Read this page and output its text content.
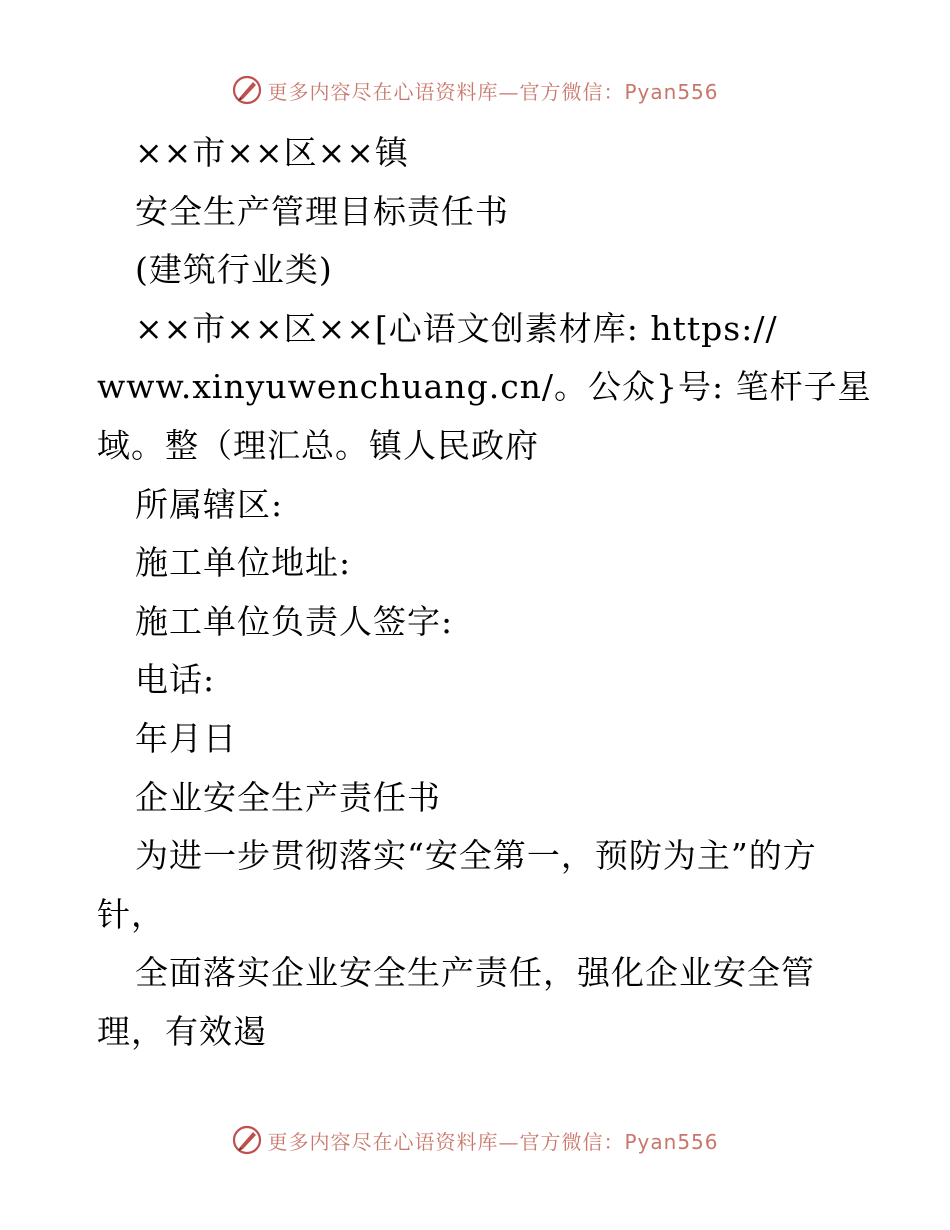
更多内容尽在心语资料库—官方微信：Pyan556
××市××区××镇
安全生产管理目标责任书
(建筑行业类)
××市××区××[心语文创素材库: https://
www.xinyuwenchuang.cn/。公众}号: 笔杆子星
域。整（理汇总。镇人民政府
所属辖区:
施工单位地址:
施工单位负责人签字:
电话:
年月日
企业安全生产责任书
为进一步贯彻落实“安全第一，预防为主”的方
针，
全面落实企业安全生产责任，强化企业安全管
理，有效遏
更多内容尽在心语资料库—官方微信：Pyan556
